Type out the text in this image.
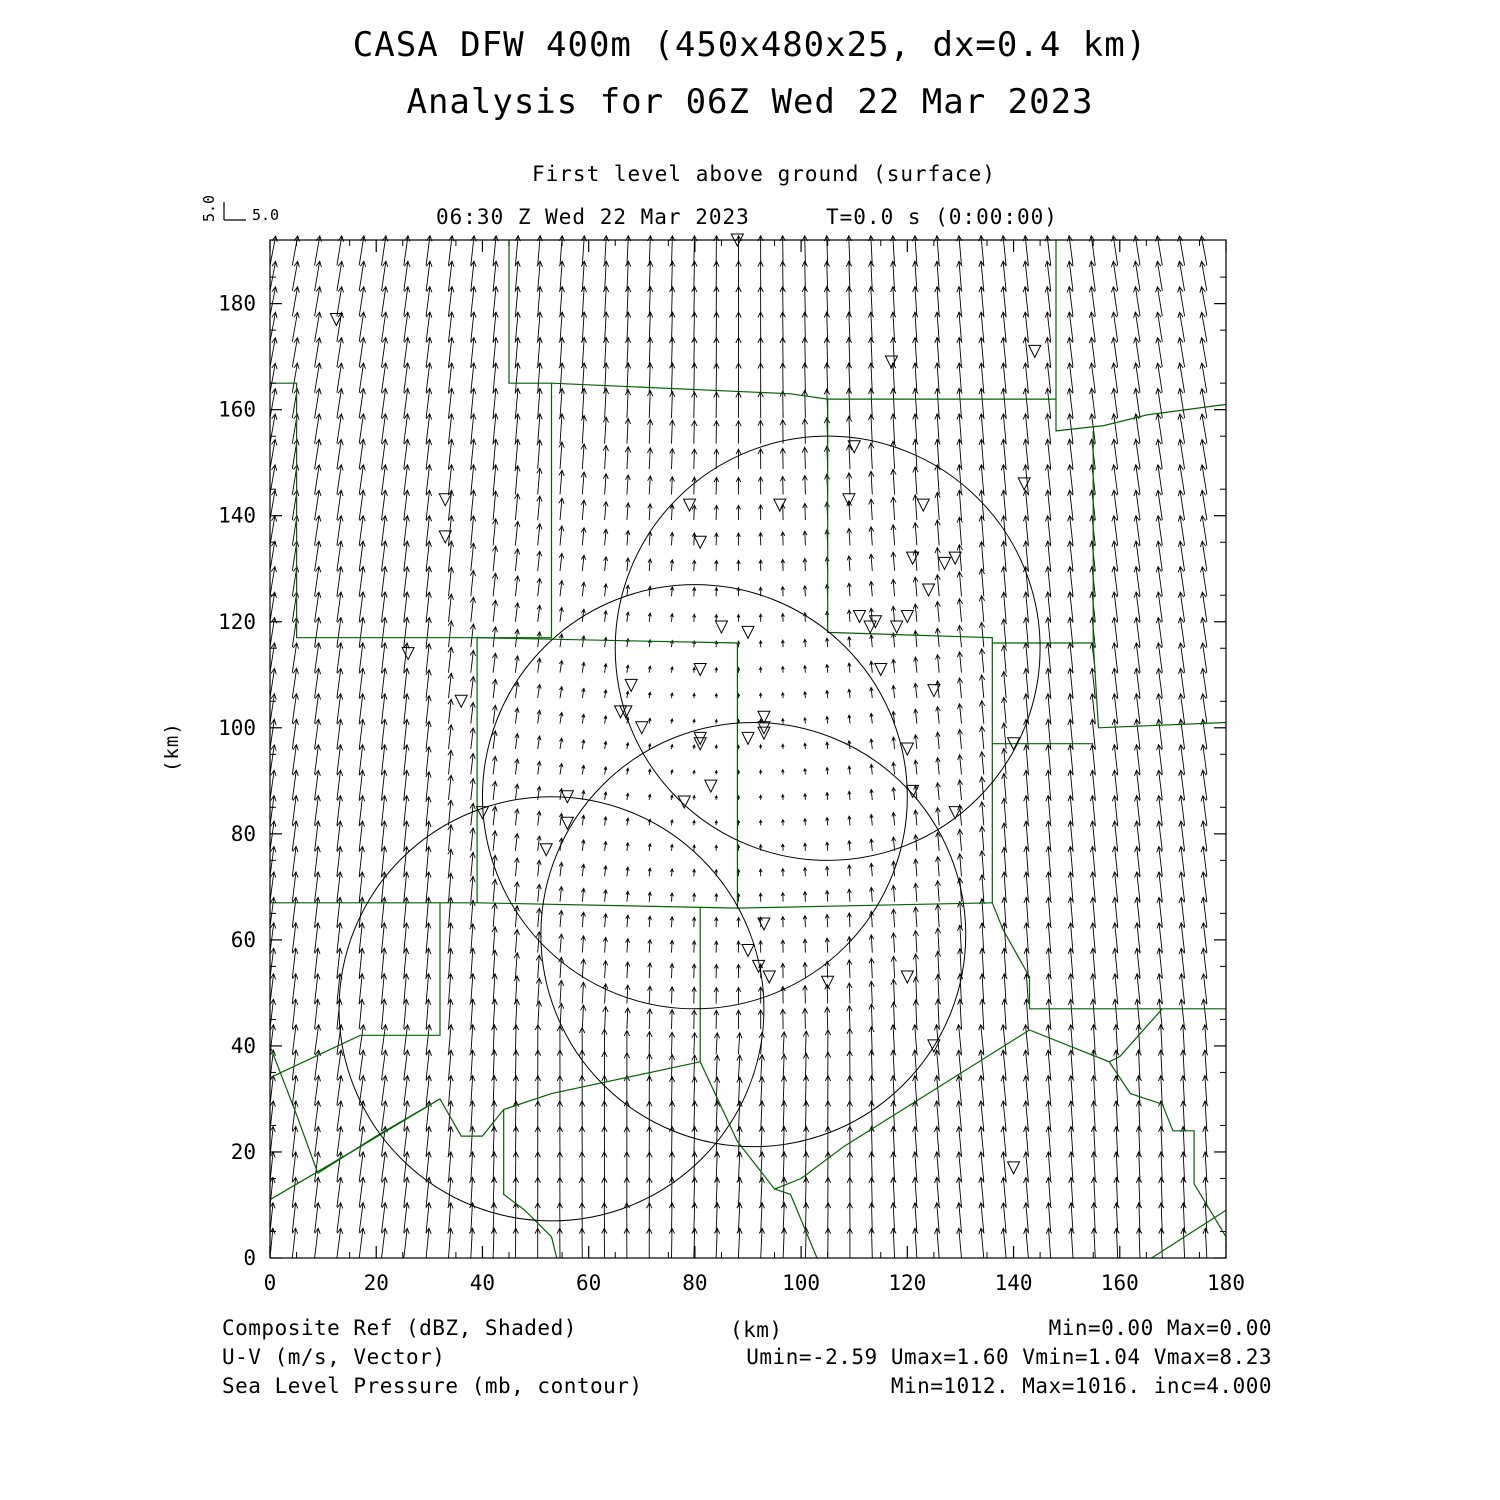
CASA DFW 400m (450x480x25, dx=0.4 km)
Analysis for 06Z Wed 22 Mar 2023
First level above ground (surface)
06:30 Z Wed 22 Mar 2023	T=0.0 s (0:00:00)
0	20	40	60	80	100	120	140	160	180
0
20
40
60
80
100
120
140
160
180
5.0 5.0
(km)
Composite Ref (dBZ, Shaded)	(km)	Min=0.00 Max=0.00
U-V (m/s, Vector)	Umin=-2.59 Umax=1.60 Vmin=1.04 Vmax=8.23
Sea Level Pressure (mb, contour)	Min=1012. Max=1016. inc=4.000
